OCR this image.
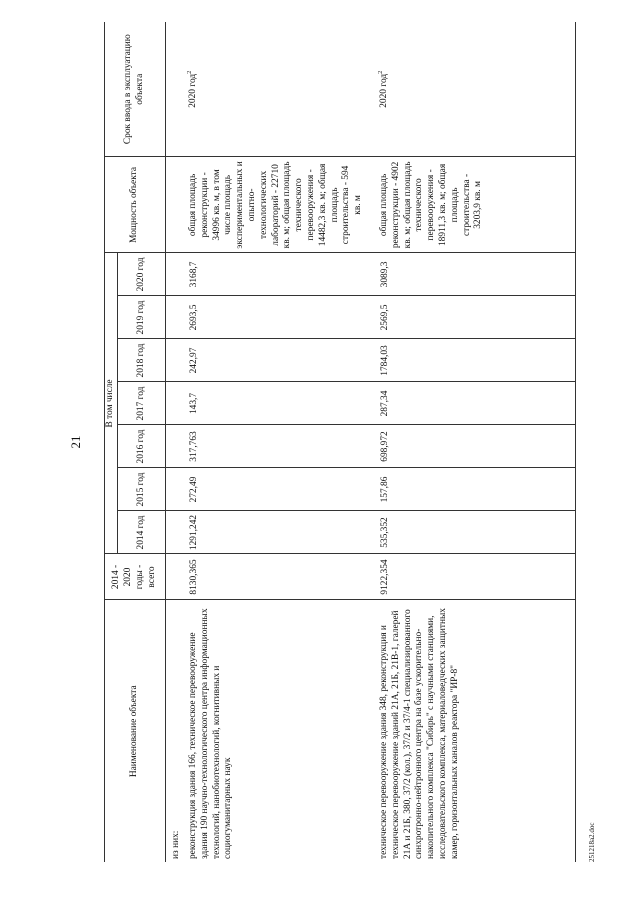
21
Наименование объекта	2014 - 2020 годы - всего	В том числе							Мощность объекта	Срок ввода в эксплуатацию объекта
		2014 год	2015 год	2016 год	2017 год	2018 год	2019 год	2020 год		
из них:										
реконструкция здания 166, техническое перевооружение здания 190 научно-технологического центра информационных технологий, нанобиотехнологий, когнитивных и социогуманитарных наук	8130,365	1291,242	272,49	317,763	143,7	242,97	2693,5	3168,7	общая площадь реконструкции - 34996 кв. м, в том числе площадь экспериментальных и опытно-технологических лабораторий - 22710 кв. м; общая площадь технического перевооружения - 14482,3 кв. м; общая площадь строительства - 594 кв. м	2020 год$^2$
техническое перевооружение здания 348, реконструкция и техническое перевооружение зданий 21А, 21Б, 21В-1, галерей 21А и 21Б, 380, 37/2 (кол.), 37/2 и 37/4-1 специализированного синхротронно-нейтронного центра на базе ускорительно-накопительного комплекса "Сибирь" с научными станциями, исследовательского комплекса, материаловедческих защитных камер, горизонтальных каналов реактора "ИР-8"	9122,354	535,352	157,86	698,972	287,34	1784,03	2569,5	3089,3	общая площадь реконструкции - 4902 кв. м; общая площадь технического перевооружения - 18911,3 кв. м; общая площадь строительства - 3203,9 кв. м	2020 год$^2$
251218а2.doc
